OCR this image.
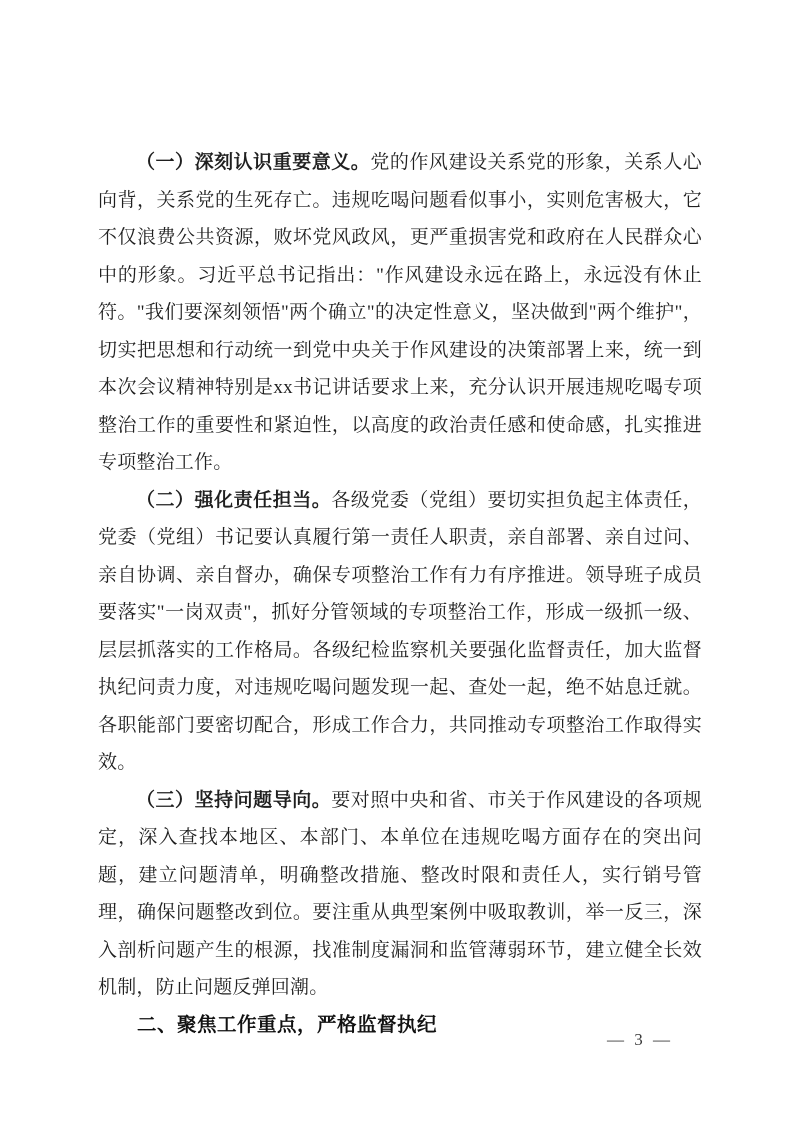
（一）深刻认识重要意义。党的作风建设关系党的形象，关系人心向背，关系党的生死存亡。违规吃喝问题看似事小，实则危害极大，它不仅浪费公共资源，败坏党风政风，更严重损害党和政府在人民群众心中的形象。习近平总书记指出："作风建设永远在路上，永远没有休止符。"我们要深刻领悟"两个确立"的决定性意义，坚决做到"两个维护"，切实把思想和行动统一到党中央关于作风建设的决策部署上来，统一到本次会议精神特别是xx书记讲话要求上来，充分认识开展违规吃喝专项整治工作的重要性和紧迫性，以高度的政治责任感和使命感，扎实推进专项整治工作。

（二）强化责任担当。各级党委（党组）要切实担负起主体责任，党委（党组）书记要认真履行第一责任人职责，亲自部署、亲自过问、亲自协调、亲自督办，确保专项整治工作有力有序推进。领导班子成员要落实"一岗双责"，抓好分管领域的专项整治工作，形成一级抓一级、层层抓落实的工作格局。各级纪检监察机关要强化监督责任，加大监督执纪问责力度，对违规吃喝问题发现一起、查处一起，绝不姑息迁就。各职能部门要密切配合，形成工作合力，共同推动专项整治工作取得实效。

（三）坚持问题导向。要对照中央和省、市关于作风建设的各项规定，深入查找本地区、本部门、本单位在违规吃喝方面存在的突出问题，建立问题清单，明确整改措施、整改时限和责任人，实行销号管理，确保问题整改到位。要注重从典型案例中吸取教训，举一反三，深入剖析问题产生的根源，找准制度漏洞和监管薄弱环节，建立健全长效机制，防止问题反弹回潮。

二、聚焦工作重点，严格监督执纪
— 3 —
